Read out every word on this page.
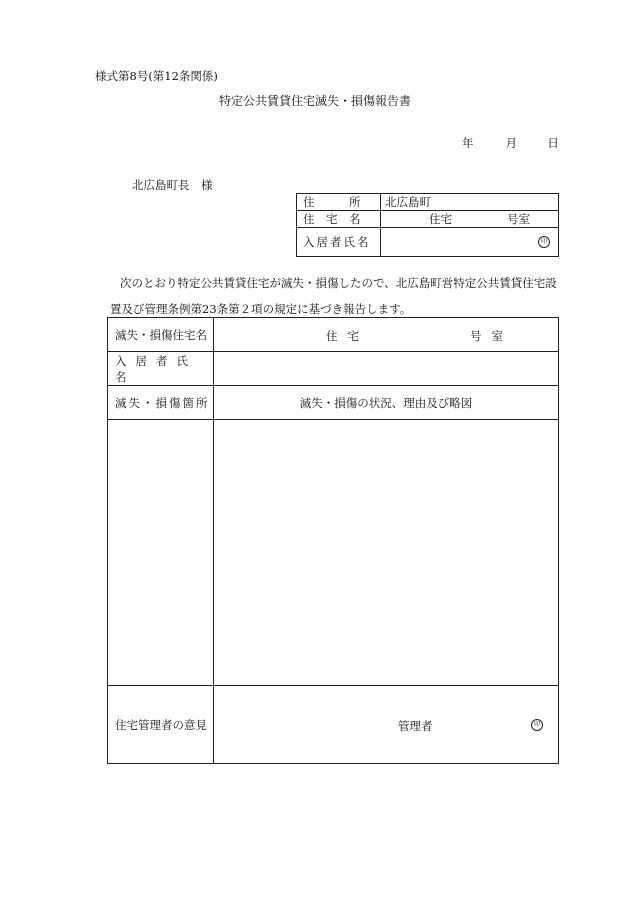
様式第8号(第12条関係)
特定公共賃貸住宅滅失・損傷報告書
年	月	日
北広島町長　様
住　　　所	北広島町
住　宅　名	住宅 号室

入居者氏名	印

次のとおり特定公共賃貸住宅が滅失・損傷したので、北広島町営特定公共賃貸住宅設

置及び管理条例第23条第２項の規定に基づき報告します。

滅失・損傷住宅名	住宅 号室

入居者氏名	
滅失・損傷箇所	滅失・損傷の状況、理由及び略図

住宅管理者の意見	管理者 印
